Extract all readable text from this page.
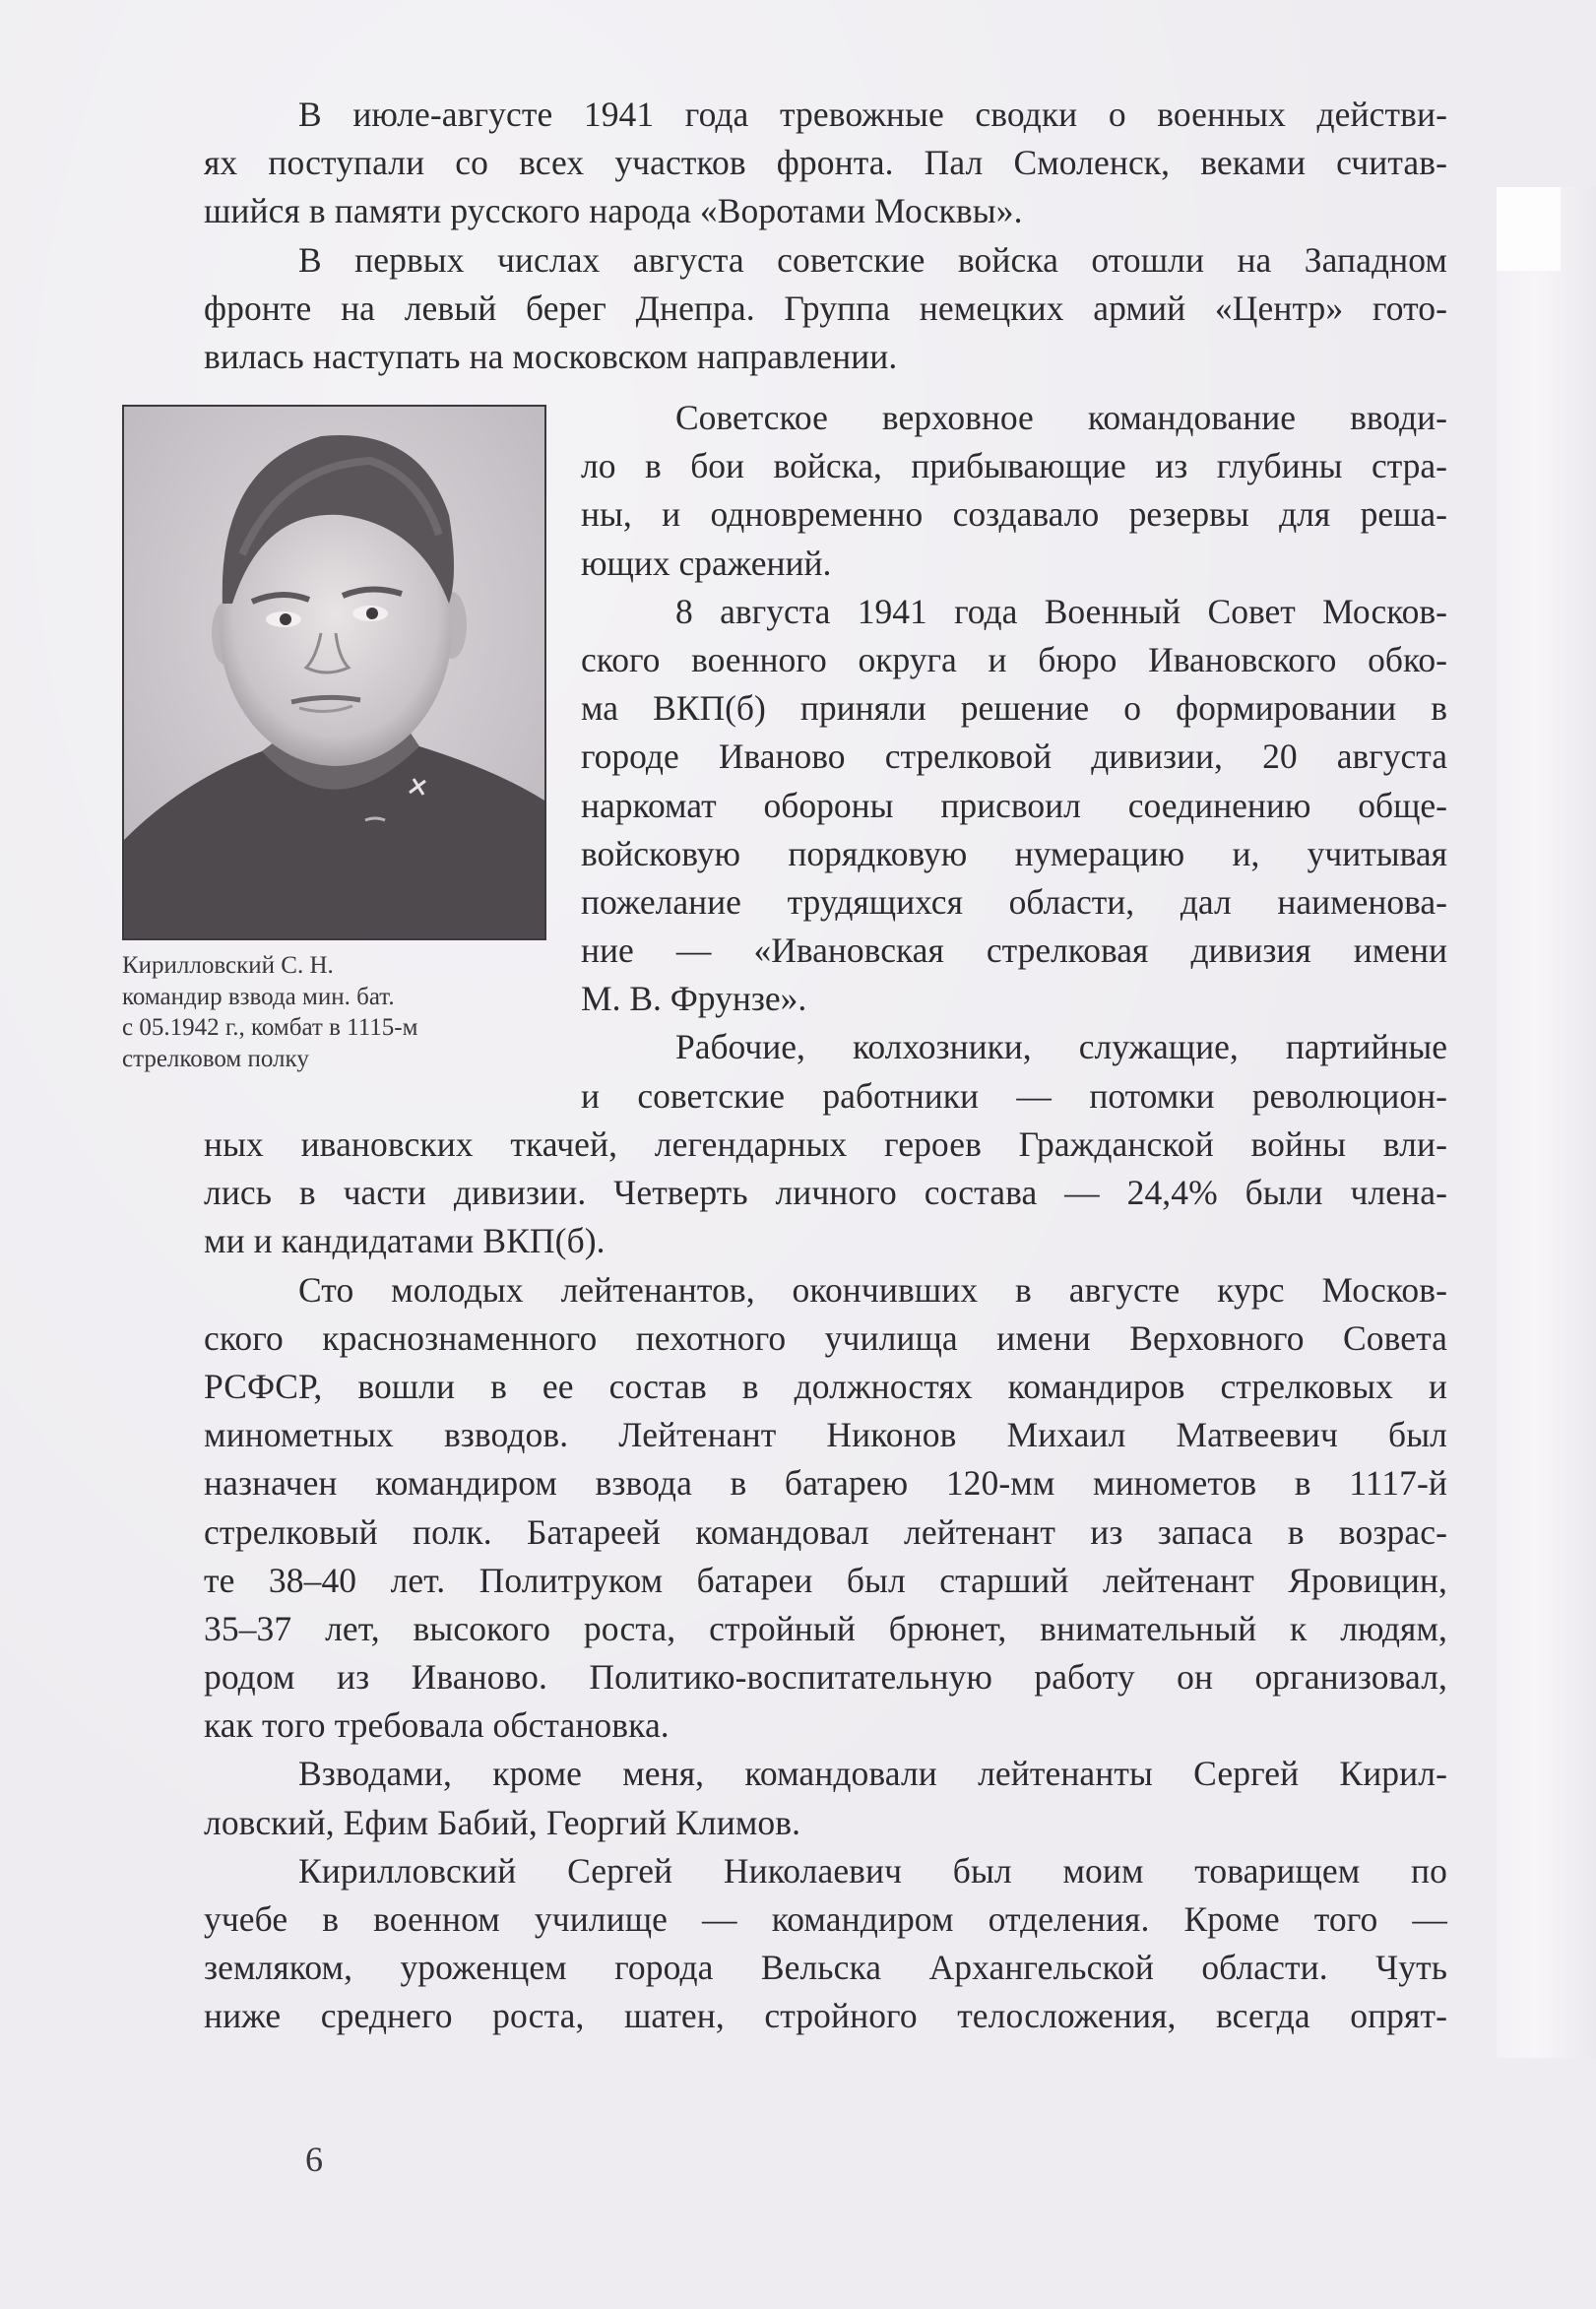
В июле-августе 1941 года тревожные сводки о военных действи-
ях поступали со всех участков фронта. Пал Смоленск, веками считав-
шийся в памяти русского народа «Воротами Москвы».
В первых числах августа советские войска отошли на Западном
фронте на левый берег Днепра. Группа немецких армий «Центр» гото-
вилась наступать на московском направлении.
Кирилловский С. Н.
командир взвода мин. бат.
с 05.1942 г., комбат в 1115-м
стрелковом полку
Советское верховное командование вводи-
ло в бои войска, прибывающие из глубины стра-
ны, и одновременно создавало резервы для реша-
ющих сражений.
8 августа 1941 года Военный Совет Москов-
ского военного округа и бюро Ивановского обко-
ма ВКП(б) приняли решение о формировании в
городе Иваново стрелковой дивизии, 20 августа
наркомат обороны присвоил соединению обще-
войсковую порядковую нумерацию и, учитывая
пожелание трудящихся области, дал наименова-
ние — «Ивановская стрелковая дивизия имени
М. В. Фрунзе».
Рабочие, колхозники, служащие, партийные
и советские работники — потомки революцион-
ных ивановских ткачей, легендарных героев Гражданской войны вли-
лись в части дивизии. Четверть личного состава — 24,4% были члена-
ми и кандидатами ВКП(б).
Сто молодых лейтенантов, окончивших в августе курс Москов-
ского краснознаменного пехотного училища имени Верховного Совета
РСФСР, вошли в ее состав в должностях командиров стрелковых и
минометных взводов. Лейтенант Никонов Михаил Матвеевич был
назначен командиром взвода в батарею 120-мм минометов в 1117-й
стрелковый полк. Батареей командовал лейтенант из запаса в возрас-
те 38–40 лет. Политруком батареи был старший лейтенант Яровицин,
35–37 лет, высокого роста, стройный брюнет, внимательный к людям,
родом из Иваново. Политико-воспитательную работу он организовал,
как того требовала обстановка.
Взводами, кроме меня, командовали лейтенанты Сергей Кирил-
ловский, Ефим Бабий, Георгий Климов.
Кирилловский Сергей Николаевич был моим товарищем по
учебе в военном училище — командиром отделения. Кроме того —
земляком, уроженцем города Вельска Архангельской области. Чуть
ниже среднего роста, шатен, стройного телосложения, всегда опрят-
6
